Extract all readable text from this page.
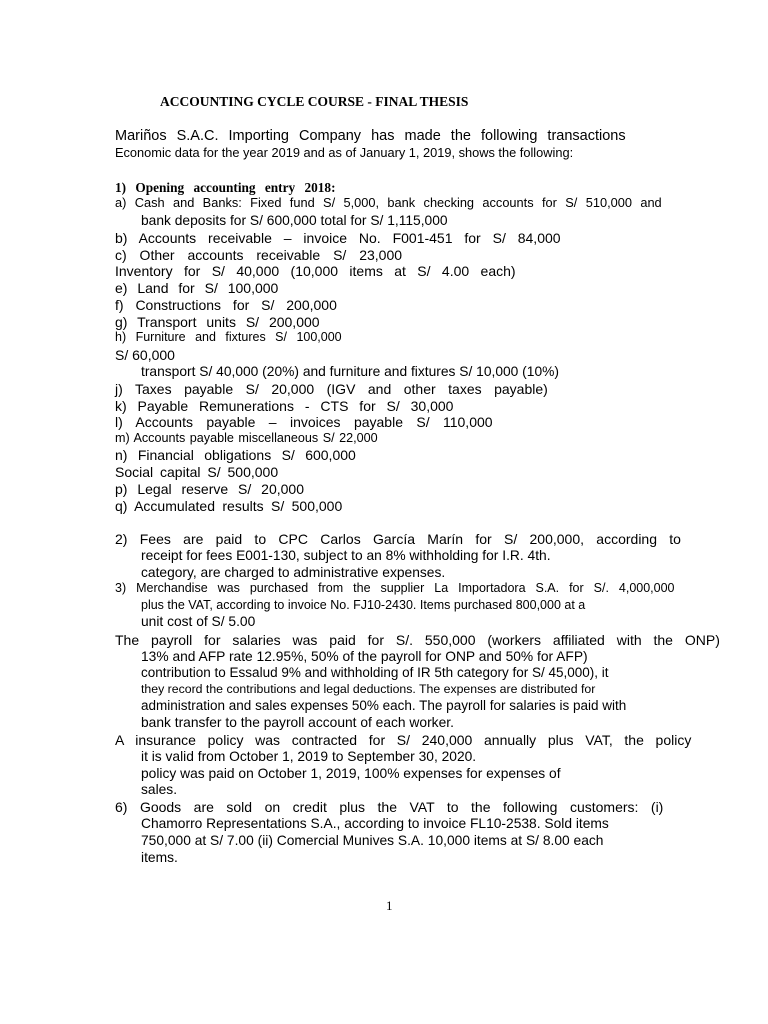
ACCOUNTING CYCLE COURSE - FINAL THESIS
Mariños S.A.C. Importing Company has made the following transactions
Economic data for the year 2019 and as of January 1, 2019, shows the following:
1) Opening accounting entry 2018:
a) Cash and Banks: Fixed fund S/ 5,000, bank checking accounts for S/ 510,000 and
bank deposits for S/ 600,000 total for S/ 1,115,000
b) Accounts receivable – invoice No. F001-451 for S/ 84,000
c) Other accounts receivable S/ 23,000
Inventory for S/ 40,000 (10,000 items at S/ 4.00 each)
e) Land for S/ 100,000
f) Constructions for S/ 200,000
g) Transport units S/ 200,000
h) Furniture and fixtures S/ 100,000
S/ 60,000
transport S/ 40,000 (20%) and furniture and fixtures S/ 10,000 (10%)
j) Taxes payable S/ 20,000 (IGV and other taxes payable)
k) Payable Remunerations - CTS for S/ 30,000
l) Accounts payable – invoices payable S/ 110,000
m) Accounts payable miscellaneous S/ 22,000
n) Financial obligations S/ 600,000
Social capital S/ 500,000
p) Legal reserve S/ 20,000
q) Accumulated results S/ 500,000
2) Fees are paid to CPC Carlos García Marín for S/ 200,000, according to
receipt for fees E001-130, subject to an 8% withholding for I.R. 4th.
category, are charged to administrative expenses.
3) Merchandise was purchased from the supplier La Importadora S.A. for S/. 4,000,000
plus the VAT, according to invoice No. FJ10-2430. Items purchased 800,000 at a
unit cost of S/ 5.00
The payroll for salaries was paid for S/. 550,000 (workers affiliated with the ONP)
13% and AFP rate 12.95%, 50% of the payroll for ONP and 50% for AFP)
contribution to Essalud 9% and withholding of IR 5th category for S/ 45,000), it
they record the contributions and legal deductions. The expenses are distributed for
administration and sales expenses 50% each. The payroll for salaries is paid with
bank transfer to the payroll account of each worker.
A insurance policy was contracted for S/ 240,000 annually plus VAT, the policy
it is valid from October 1, 2019 to September 30, 2020.
policy was paid on October 1, 2019, 100% expenses for expenses of
sales.
6) Goods are sold on credit plus the VAT to the following customers: (i)
Chamorro Representations S.A., according to invoice FL10-2538. Sold items
750,000 at S/ 7.00 (ii) Comercial Munives S.A. 10,000 items at S/ 8.00 each
items.
1
